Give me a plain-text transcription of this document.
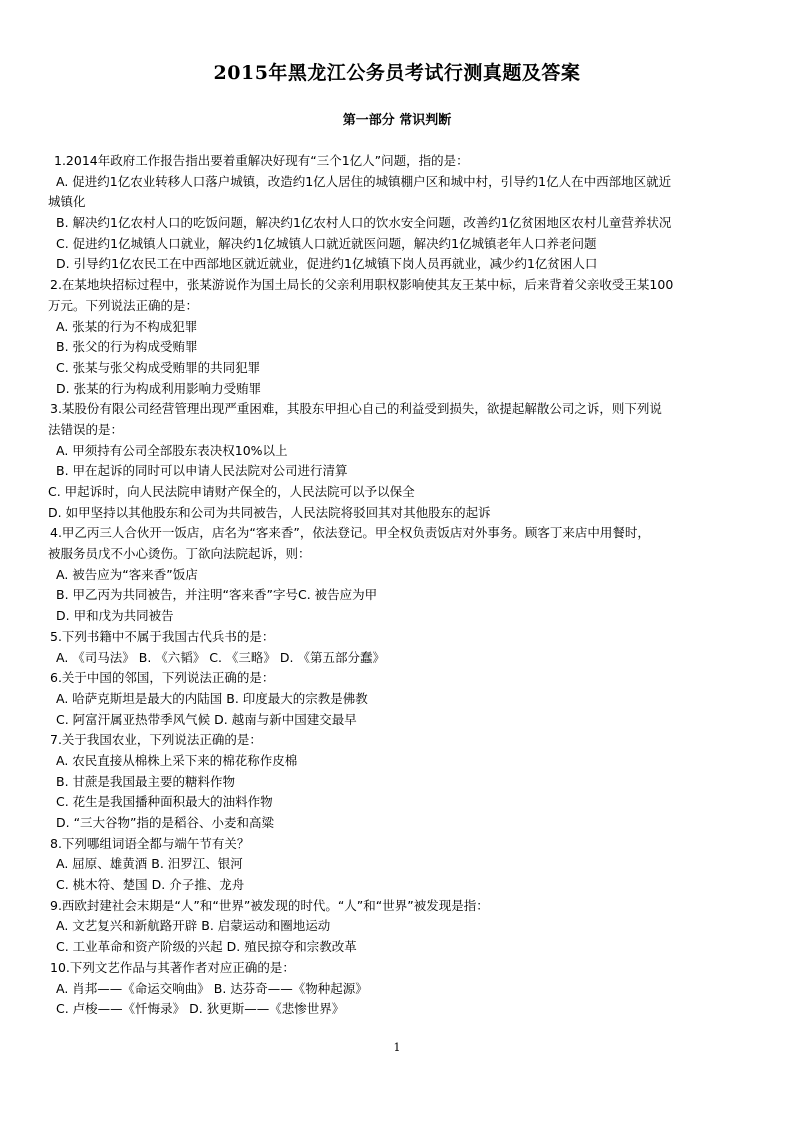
2015年黑龙江公务员考试行测真题及答案
第一部分 常识判断
1.2014年政府工作报告指出要着重解决好现有“三个1亿人”问题，指的是：
A. 促进约1亿农业转移人口落户城镇，改造约1亿人居住的城镇棚户区和城中村，引导约1亿人在中西部地区就近
城镇化
B. 解决约1亿农村人口的吃饭问题，解决约1亿农村人口的饮水安全问题，改善约1亿贫困地区农村儿童营养状况
C. 促进约1亿城镇人口就业，解决约1亿城镇人口就近就医问题，解决约1亿城镇老年人口养老问题
D. 引导约1亿农民工在中西部地区就近就业，促进约1亿城镇下岗人员再就业，减少约1亿贫困人口
2.在某地块招标过程中，张某游说作为国土局长的父亲利用职权影响使其友王某中标，后来背着父亲收受王某100
万元。下列说法正确的是：
A. 张某的行为不构成犯罪
B. 张父的行为构成受贿罪
C. 张某与张父构成受贿罪的共同犯罪
D. 张某的行为构成利用影响力受贿罪
3.某股份有限公司经营管理出现严重困难，其股东甲担心自己的利益受到损失，欲提起解散公司之诉，则下列说
法错误的是：
A. 甲须持有公司全部股东表决权10%以上
B. 甲在起诉的同时可以申请人民法院对公司进行清算
C. 甲起诉时，向人民法院申请财产保全的，人民法院可以予以保全
D. 如甲坚持以其他股东和公司为共同被告，人民法院将驳回其对其他股东的起诉
4.甲乙丙三人合伙开一饭店，店名为“客来香”，依法登记。甲全权负责饭店对外事务。顾客丁来店中用餐时，
被服务员戊不小心烫伤。丁欲向法院起诉，则：
A. 被告应为“客来香”饭店
B. 甲乙丙为共同被告，并注明“客来香”字号C. 被告应为甲
D. 甲和戊为共同被告
5.下列书籍中不属于我国古代兵书的是：
A. 《司马法》 B. 《六韬》 C. 《三略》 D. 《第五部分蠢》
6.关于中国的邻国，下列说法正确的是：
A. 哈萨克斯坦是最大的内陆国 B. 印度最大的宗教是佛教
C. 阿富汗属亚热带季风气候 D. 越南与新中国建交最早
7.关于我国农业，下列说法正确的是：
A. 农民直接从棉株上采下来的棉花称作皮棉
B. 甘蔗是我国最主要的糖料作物
C. 花生是我国播种面积最大的油料作物
D. “三大谷物”指的是稻谷、小麦和高粱
8.下列哪组词语全都与端午节有关？
A. 屈原、雄黄酒 B. 汨罗江、银河
C. 桃木符、楚国 D. 介子推、龙舟
9.西欧封建社会末期是“人”和“世界”被发现的时代。“人”和“世界”被发现是指：
A. 文艺复兴和新航路开辟 B. 启蒙运动和圈地运动
C. 工业革命和资产阶级的兴起 D. 殖民掠夺和宗教改革
10.下列文艺作品与其著作者对应正确的是：
A. 肖邦——《命运交响曲》 B. 达芬奇——《物种起源》
C. 卢梭——《忏悔录》 D. 狄更斯——《悲惨世界》
1
